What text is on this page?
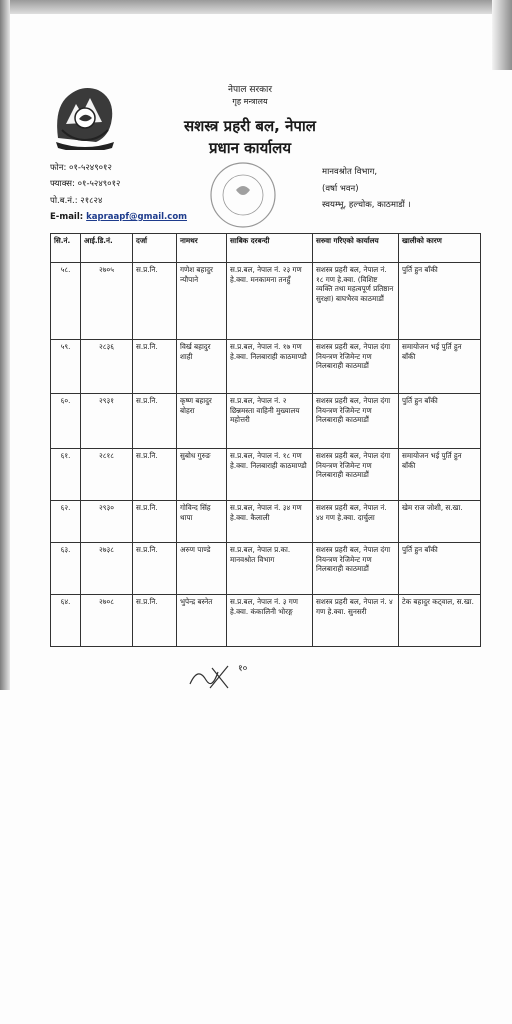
नेपाल सरकार
गृह मन्त्रालय
सशस्त्र प्रहरी बल, नेपाल
प्रधान कार्यालय
फोन: ०१-५२४९०१२
फ्याक्स: ०१-५२४९०१२
पो.ब.नं.: २१८२४
E-mail: kapraapf@gmail.com
मानवश्रोत विभाग,
(वर्षा भवन)
स्वयम्भू, हल्चोक, काठमाडौं ।
सि.नं.	आई.डि.नं.	दर्जा	नामथर	साबिक दरबन्दी	सरुवा गरिएको कार्यालय	खालीको कारण
५८.	२७०५	स.प्र.नि.	गणेश बहादुर न्यौपाने	स.प्र.बल, नेपाल नं. २३ गण हे.क्वा. मनकामना तनहुँ	सशस्त्र प्रहरी बल, नेपाल नं. १८ गण हे.क्वा. (विशिष्ट व्यक्ति तथा महत्वपूर्ण प्रतिष्ठान सुरक्षा) बाघभैरव काठमाडौं	पुर्ति हुन बाँकी
५९.	२८३६	स.प्र.नि.	विर्ख बहादुर शाही	स.प्र.बल, नेपाल नं. १७ गण हे.क्वा. निलबाराही काठमाण्डौ	सशस्त्र प्रहरी बल, नेपाल दंगा नियन्त्रण रेजिमेन्ट गण निलबाराही काठमाडौं	समायोजन भई पुर्ति हुन बाँकी
६०.	२९३१	स.प्र.नि.	कृष्ण बहादुर बोहरा	स.प्र.बल, नेपाल नं. २ छिन्नमस्ता वाहिनी मुख्यालय महोत्तरी	सशस्त्र प्रहरी बल, नेपाल दंगा नियन्त्रण रेजिमेन्ट गण निलबाराही काठमाडौं	पुर्ति हुन बाँकी
६१.	२८१८	स.प्र.नि.	सुबोध गुरुङ	स.प्र.बल, नेपाल नं. १८ गण हे.क्वा. निलबाराही काठमाण्डौ	सशस्त्र प्रहरी बल, नेपाल दंगा नियन्त्रण रेजिमेन्ट गण निलबाराही काठमाडौं	समायोजन भई पुर्ति हुन बाँकी
६२.	२९३०	स.प्र.नि.	गोविन्द सिंह थापा	स.प्र.बल, नेपाल नं. ३४ गण हे.क्वा. कैलाली	सशस्त्र प्रहरी बल, नेपाल नं. ४४ गण हे.क्वा. दार्चुला	खेम राज जोशी, स.खा.
६३.	२७३८	स.प्र.नि.	अरुण पाण्डे	स.प्र.बल, नेपाल प्र.का. मानवश्रोत विभाग	सशस्त्र प्रहरी बल, नेपाल दंगा नियन्त्रण रेजिमेन्ट गण निलबाराही काठमाडौं	पुर्ति हुन बाँकी
६४.	२७०८	स.प्र.नि.	भुपेन्द्र बस्नेत	स.प्र.बल, नेपाल नं. ३ गण हे.क्वा. कंकालिनी भोरङ्ग	सशस्त्र प्रहरी बल, नेपाल नं. ४ गण हे.क्वा. सुनसरी	टेक बहादुर कट्वाल, स.खा.
१०
